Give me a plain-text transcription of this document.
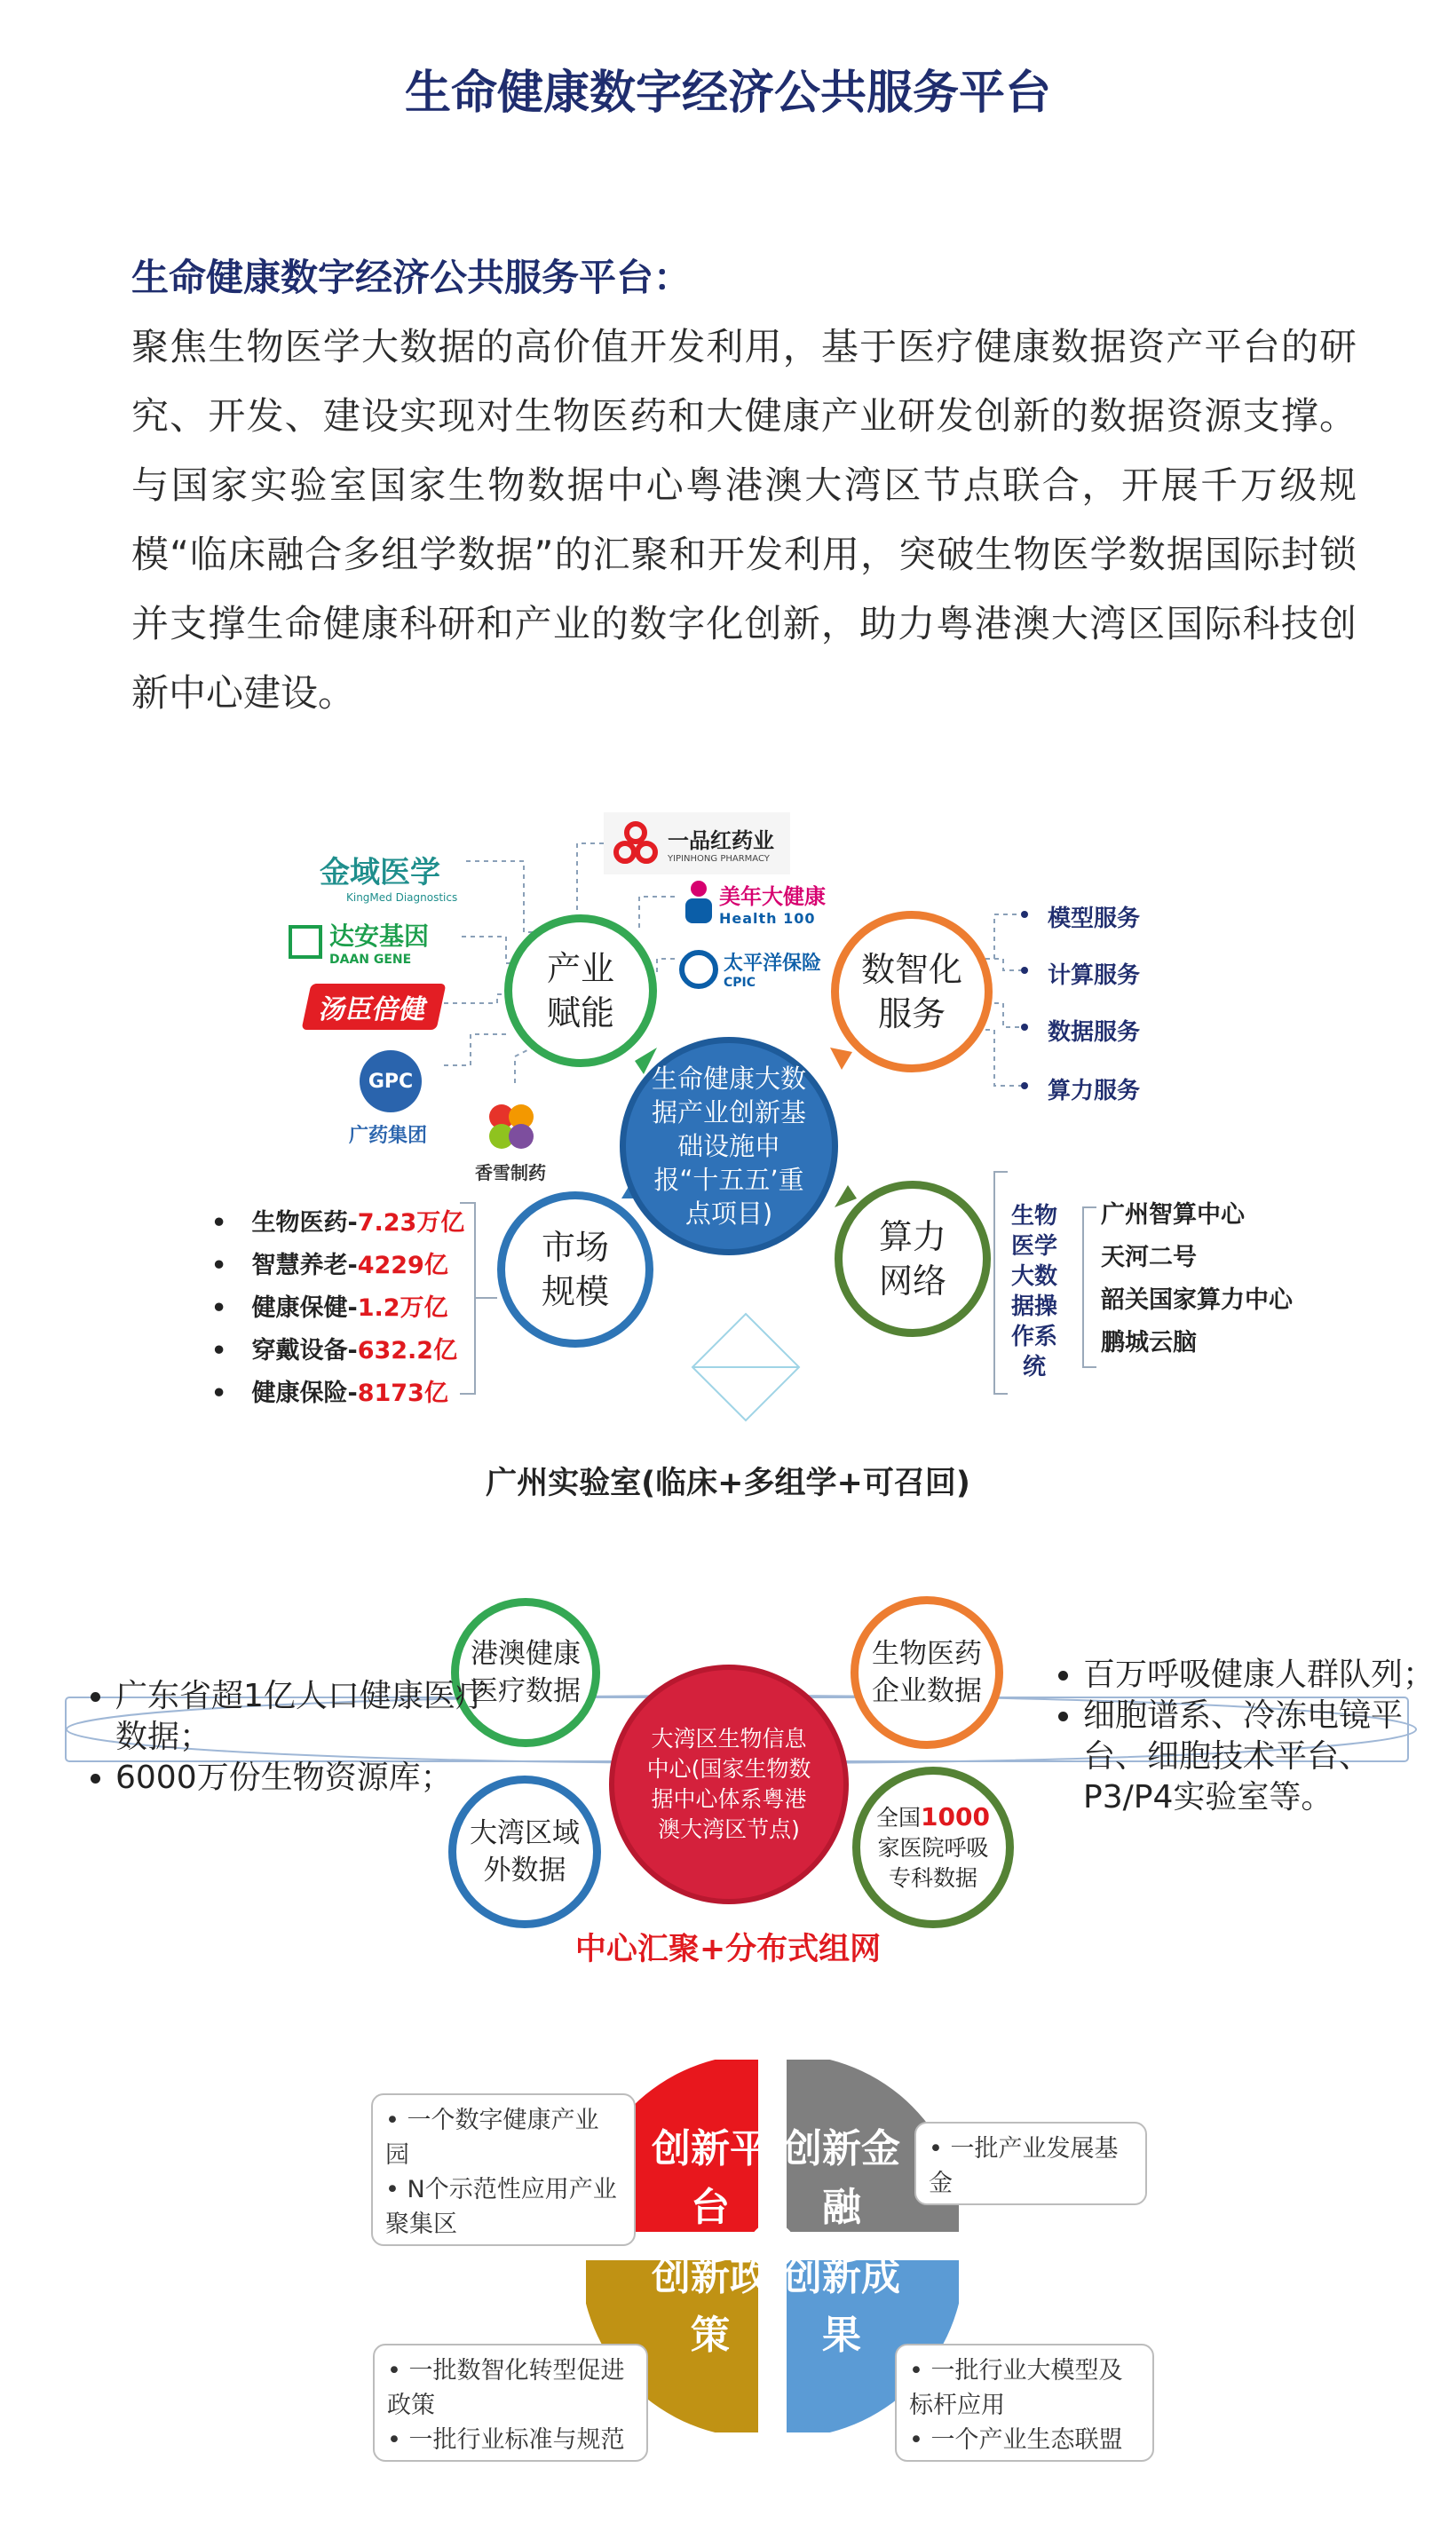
生命健康数字经济公共服务平台
生命健康数字经济公共服务平台：
聚焦生物医学大数据的高价值开发利用，基于医疗健康数据资产平台的研究、开发、建设实现对生物医药和大健康产业研发创新的数据资源支撑。与国家实验室国家生物数据中心粤港澳大湾区节点联合，开展千万级规模“临床融合多组学数据”的汇聚和开发利用，突破生物医学数据国际封锁并支撑生命健康科研和产业的数字化创新，助力粤港澳大湾区国际科技创新中心建设。
金域医学
KingMed Diagnostics
达安基因
DAAN GENE
汤臣倍健
GPC
广药集团
香雪制药
一品红药业
YIPINHONG PHARMACY
美年大健康
Health 100
太平洋保险
CPIC
产业赋能
数智化服务
市场规模
算力网络
生命健康大数据产业创新基础设施申报“十五五’重点项目)
模型服务
计算服务
数据服务
算力服务
•   生物医药-7.23万亿
•   智慧养老-4229亿
•   健康保健-1.2万亿
•   穿戴设备-632.2亿
•   健康保险-8173亿
生物医学大数据操作系统
广州智算中心
天河二号
韶关国家算力中心
鹏城云脑
广州实验室(临床+多组学+可召回)
港澳健康医疗数据
生物医药企业数据
大湾区域外数据
全国1000家医院呼吸专科数据
大湾区生物信息中心(国家生物数据中心体系粤港澳大湾区节点)
• 广东省超1亿人口健康医疗数据；
• 6000万份生物资源库；
• 百万呼吸健康人群队列；
• 细胞谱系、冷冻电镜平台、细胞技术平台、P3/P4实验室等。
中心汇聚+分布式组网
创新平台
创新金融
创新政策
创新成果
• 一个数字健康产业园
• N个示范性应用产业聚集区
• 一批产业发展基金
• 一批数智化转型促进政策
• 一批行业标准与规范
• 一批行业大模型及标杆应用
• 一个产业生态联盟
